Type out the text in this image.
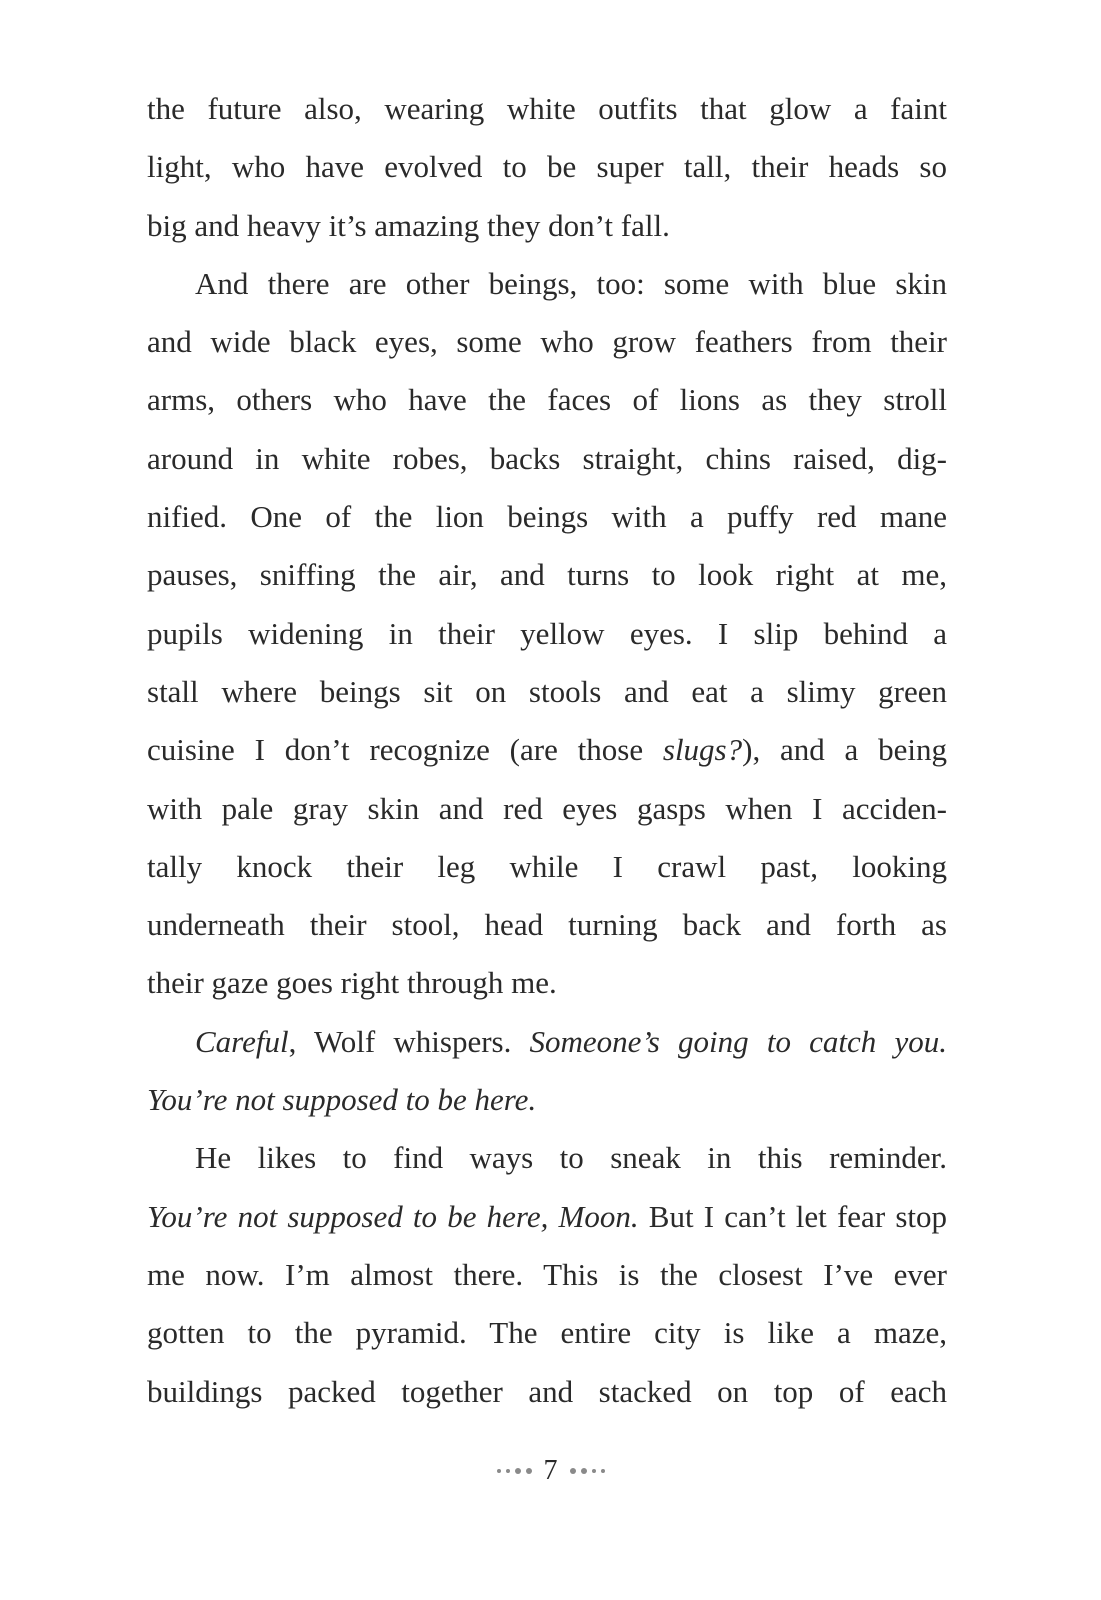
the future also, wearing white outfits that glow a faint
light, who have evolved to be super tall, their heads so
big and heavy it’s amazing they don’t fall.
And there are other beings, too: some with blue skin
and wide black eyes, some who grow feathers from their
arms, others who have the faces of lions as they stroll
around in white robes, backs straight, chins raised, dig-
nified. One of the lion beings with a puffy red mane
pauses, sniffing the air, and turns to look right at me,
pupils widening in their yellow eyes. I slip behind a
stall where beings sit on stools and eat a slimy green
cuisine I don’t recognize (are those slugs?), and a being
with pale gray skin and red eyes gasps when I acciden-
tally knock their leg while I crawl past, looking
underneath their stool, head turning back and forth as
their gaze goes right through me.
Careful, Wolf whispers. Someone’s going to catch you.
You’re not supposed to be here.
He likes to find ways to sneak in this reminder.
You’re not supposed to be here, Moon. But I can’t let fear stop
me now. I’m almost there. This is the closest I’ve ever
gotten to the pyramid. The entire city is like a maze,
buildings packed together and stacked on top of each
7
